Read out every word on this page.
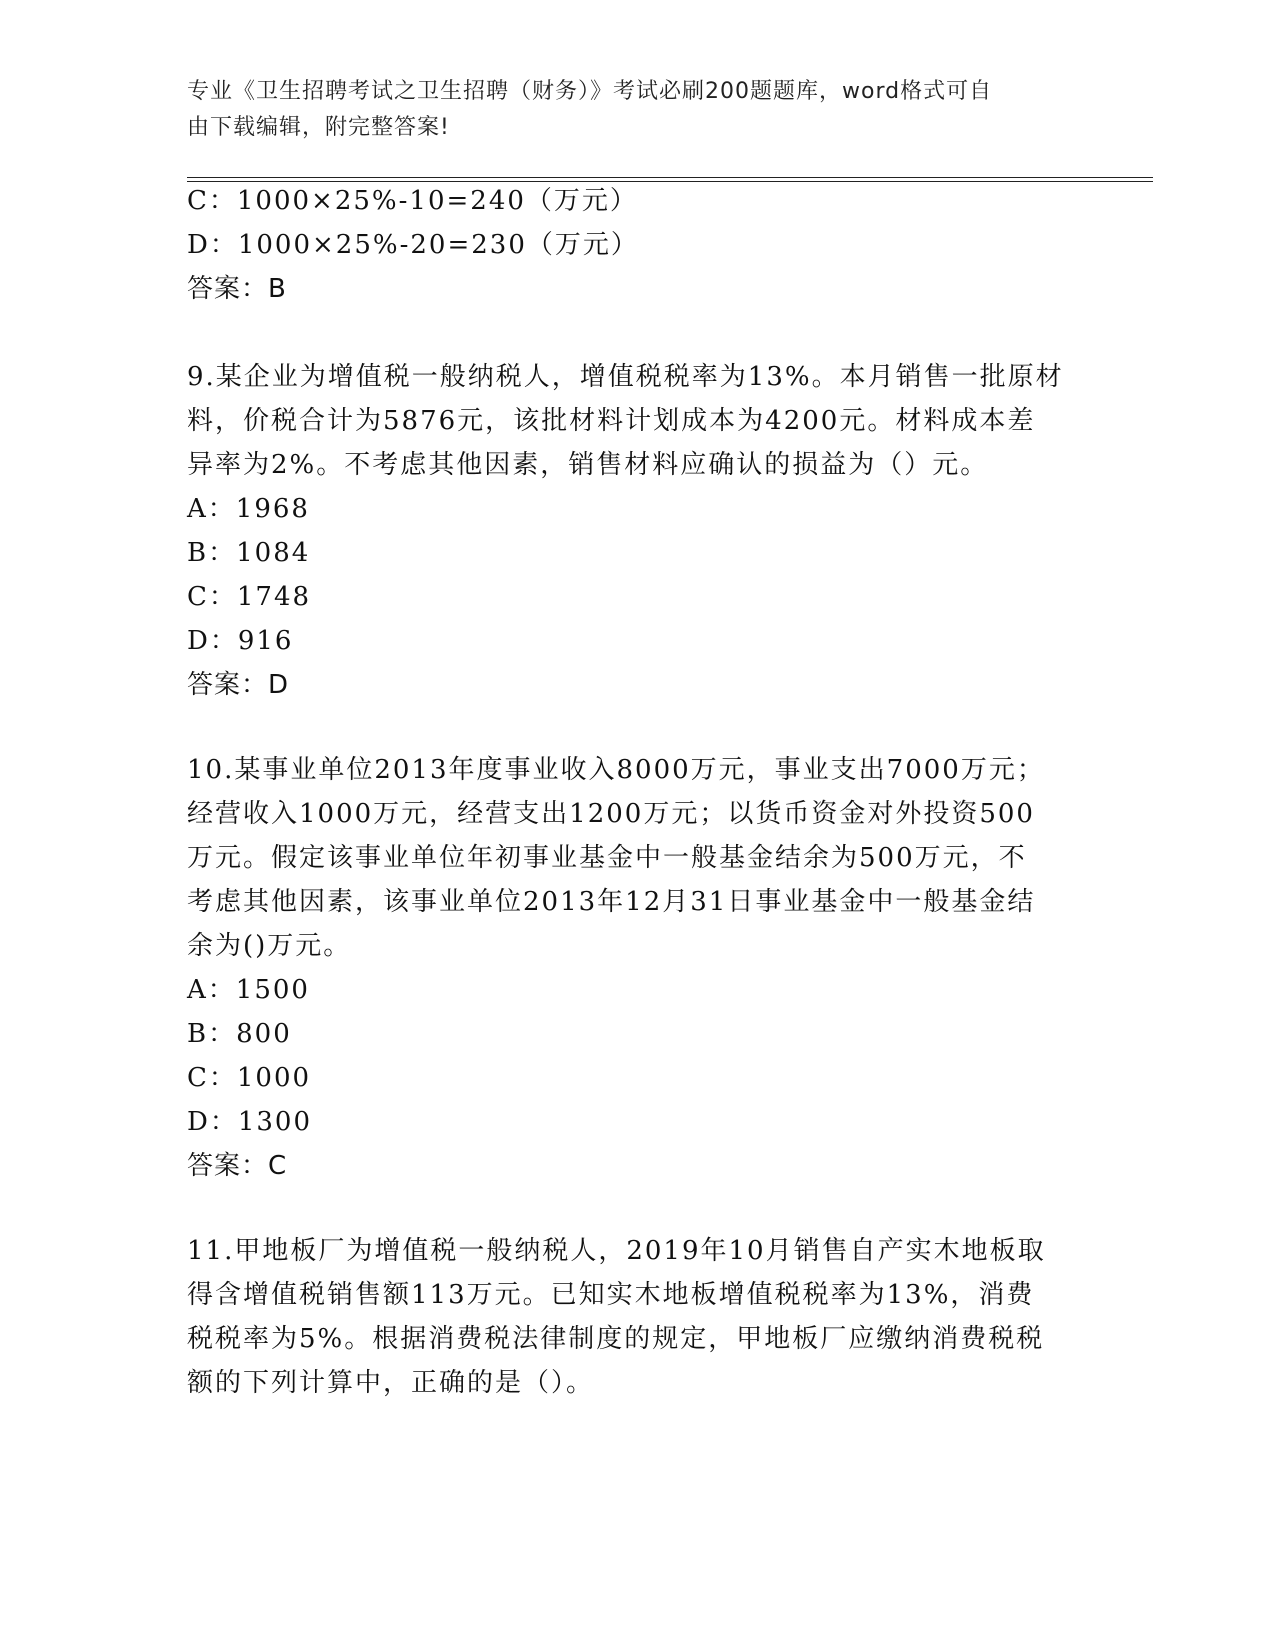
专业《卫生招聘考试之卫生招聘（财务）》考试必刷200题题库，word格式可自
由下载编辑，附完整答案!
C：1000×25%-10=240（万元）
D：1000×25%-20=230（万元）
答案：B
9.某企业为增值税一般纳税人，增值税税率为13%。本月销售一批原材
料，价税合计为5876元，该批材料计划成本为4200元。材料成本差
异率为2%。不考虑其他因素，销售材料应确认的损益为（）元。
A：1968
B：1084
C：1748
D：916
答案：D
10.某事业单位2013年度事业收入8000万元，事业支出7000万元；
经营收入1000万元，经营支出1200万元；以货币资金对外投资500
万元。假定该事业单位年初事业基金中一般基金结余为500万元，不
考虑其他因素，该事业单位2013年12月31日事业基金中一般基金结
余为()万元。
A：1500
B：800
C：1000
D：1300
答案：C
11.甲地板厂为增值税一般纳税人，2019年10月销售自产实木地板取
得含增值税销售额113万元。已知实木地板增值税税率为13%，消费
税税率为5%。根据消费税法律制度的规定，甲地板厂应缴纳消费税税
额的下列计算中，正确的是（）。
